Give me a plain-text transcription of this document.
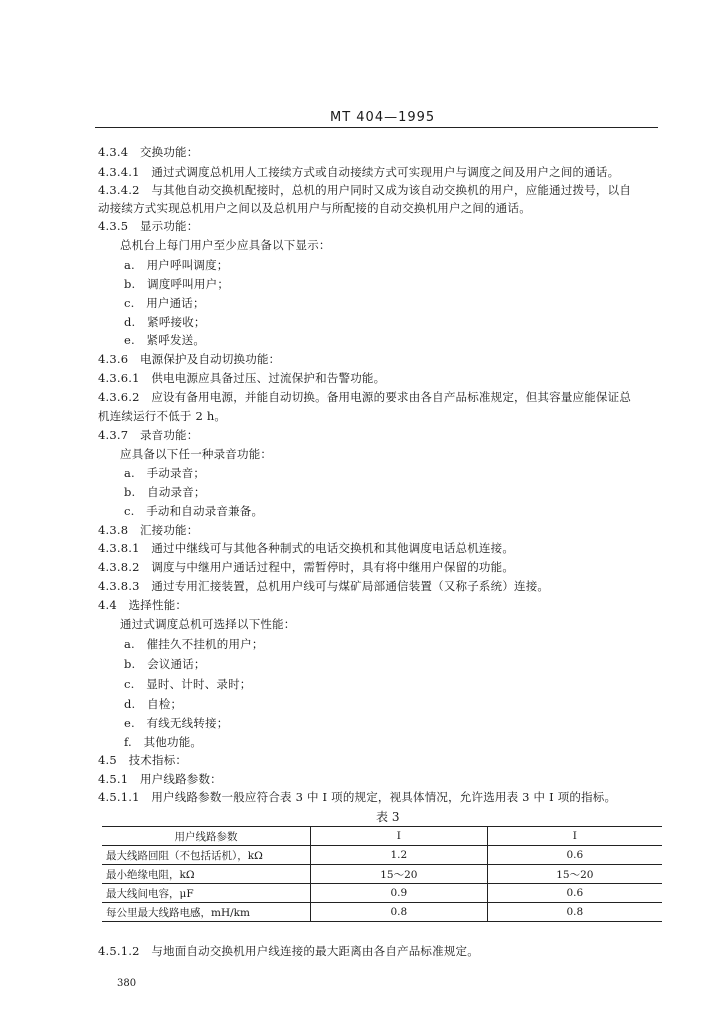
MT 404—1995
4.3.4　交换功能：
4.3.4.1　通过式调度总机用人工接续方式或自动接续方式可实现用户与调度之间及用户之间的通话。
4.3.4.2　与其他自动交换机配接时，总机的用户同时又成为该自动交换机的用户，应能通过拨号，以自
动接续方式实现总机用户之间以及总机用户与所配接的自动交换机用户之间的通话。
4.3.5　显示功能：
总机台上每门用户至少应具备以下显示：
a.　用户呼叫调度；
b.　调度呼叫用户；
c.　用户通话；
d.　紧呼接收；
e.　紧呼发送。
4.3.6　电源保护及自动切换功能：
4.3.6.1　供电电源应具备过压、过流保护和告警功能。
4.3.6.2　应设有备用电源，并能自动切换。备用电源的要求由各自产品标准规定，但其容量应能保证总
机连续运行不低于 2 h。
4.3.7　录音功能：
应具备以下任一种录音功能：
a.　手动录音；
b.　自动录音；
c.　手动和自动录音兼备。
4.3.8　汇接功能：
4.3.8.1　通过中继线可与其他各种制式的电话交换机和其他调度电话总机连接。
4.3.8.2　调度与中继用户通话过程中，需暂停时，具有将中继用户保留的功能。
4.3.8.3　通过专用汇接装置，总机用户线可与煤矿局部通信装置（又称子系统）连接。
4.4　选择性能：
通过式调度总机可选择以下性能：
a.　催挂久不挂机的用户；
b.　会议通话；
c.　显时、计时、录时；
d.　自检；
e.　有线无线转接；
f.　其他功能。
4.5　技术指标：
4.5.1　用户线路参数：
4.5.1.1　用户线路参数一般应符合表 3 中 I 项的规定，视具体情况，允许选用表 3 中 I 项的指标。
表 3
用户线路参数	I	I
最大线路回阻（不包括话机），kΩ	1.2	0.6
最小绝缘电阻，kΩ	15～20	15～20
最大线间电容，μF	0.9	0.6
每公里最大线路电感，mH/km	0.8	0.8
4.5.1.2　与地面自动交换机用户线连接的最大距离由各自产品标准规定。
380
